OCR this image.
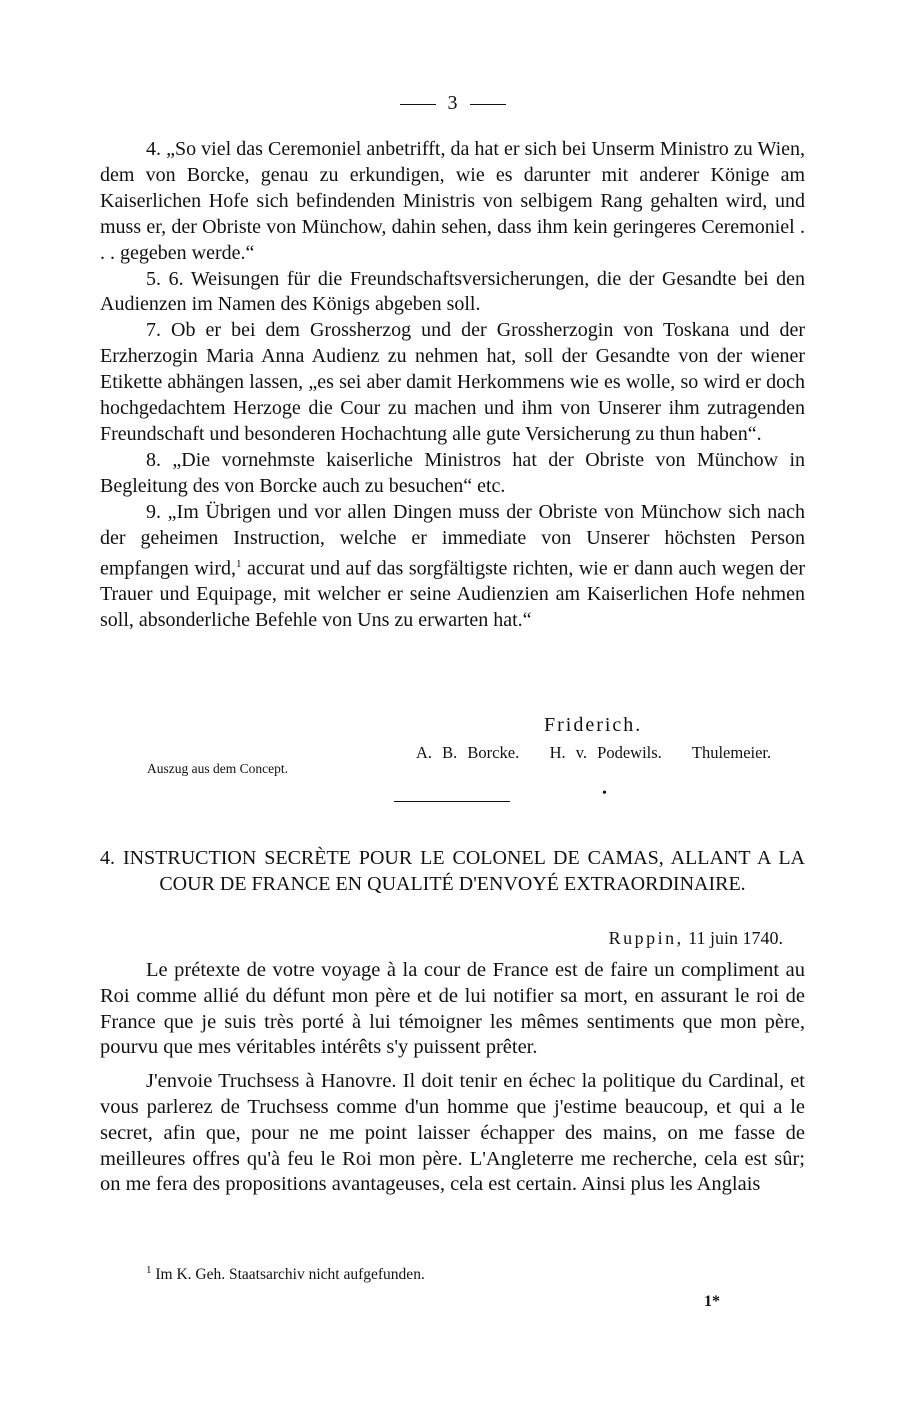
3

4. „So viel das Ceremoniel anbetrifft, da hat er sich bei Unserm Ministro zu Wien, dem von Borcke, genau zu erkundigen, wie es darunter mit anderer Könige am Kaiserlichen Hofe sich befindenden Ministris von selbigem Rang gehalten wird, und muss er, der Obriste von Münchow, dahin sehen, dass ihm kein geringeres Ceremoniel . . . gegeben werde.“

5. 6. Weisungen für die Freundschaftsversicherungen, die der Gesandte bei den Audienzen im Namen des Königs abgeben soll.

7. Ob er bei dem Grossherzog und der Grossherzogin von Toskana und der Erzherzogin Maria Anna Audienz zu nehmen hat, soll der Gesandte von der wiener Etikette abhängen lassen, „es sei aber damit Herkommens wie es wolle, so wird er doch hochgedachtem Herzoge die Cour zu machen und ihm von Unserer ihm zutragenden Freundschaft und besonderen Hochachtung alle gute Versicherung zu thun haben“.

8. „Die vornehmste kaiserliche Ministros hat der Obriste von Münchow in Begleitung des von Borcke auch zu besuchen“ etc.

9. „Im Übrigen und vor allen Dingen muss der Obriste von Münchow sich nach der geheimen Instruction, welche er immediate von Unserer höchsten Person empfangen wird,$^1$ accurat und auf das sorgfältigste richten, wie er dann auch wegen der Trauer und Equipage, mit welcher er seine Audienzien am Kaiserlichen Hofe nehmen soll, absonderliche Befehle von Uns zu erwarten hat.“

Friderich.
A. B. Borcke.   H. v. Podewils.   Thulemeier.
Auszug aus dem Concept.
•
4. INSTRUCTION SECRÈTE POUR LE COLONEL DE CAMAS, ALLANT A LA COUR DE FRANCE EN QUALITÉ D'ENVOYÉ EXTRAORDINAIRE.
Ruppin, 11 juin 1740.

Le prétexte de votre voyage à la cour de France est de faire un compliment au Roi comme allié du défunt mon père et de lui notifier sa mort, en assurant le roi de France que je suis très porté à lui témoigner les mêmes sentiments que mon père, pourvu que mes véritables intérêts s'y puissent prêter.

J'envoie Truchsess à Hanovre. Il doit tenir en échec la politique du Cardinal, et vous parlerez de Truchsess comme d'un homme que j'estime beaucoup, et qui a le secret, afin que, pour ne me point laisser échapper des mains, on me fasse de meilleures offres qu'à feu le Roi mon père. L'Angleterre me recherche, cela est sûr; on me fera des propositions avantageuses, cela est certain. Ainsi plus les Anglais

$^1$ Im K. Geh. Staatsarchiv nicht aufgefunden.
1*
